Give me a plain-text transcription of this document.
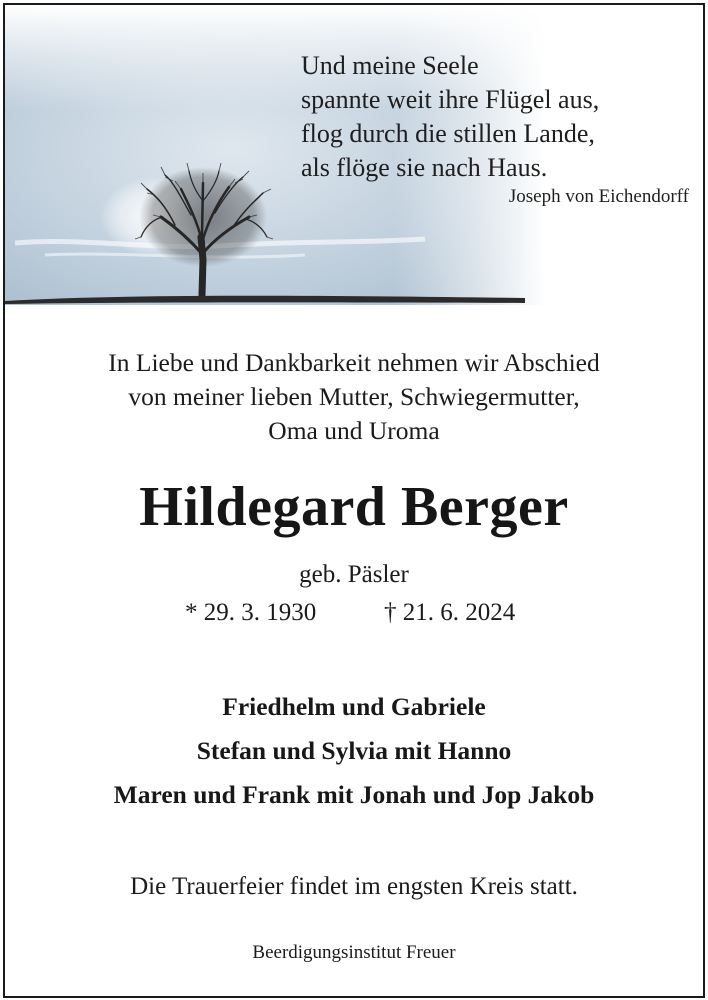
Und meine Seele
spannte weit ihre Flügel aus,
flog durch die stillen Lande,
als flöge sie nach Haus.
Joseph von Eichendorff
In Liebe und Dankbarkeit nehmen wir Abschied
von meiner lieben Mutter, Schwiegermutter,
Oma und Uroma
Hildegard Berger
geb. Päsler
* 29. 3. 1930	† 21. 6. 2024
Friedhelm und Gabriele
Stefan und Sylvia mit Hanno
Maren und Frank mit Jonah und Jop Jakob
Die Trauerfeier findet im engsten Kreis statt.
Beerdigungsinstitut Freuer
